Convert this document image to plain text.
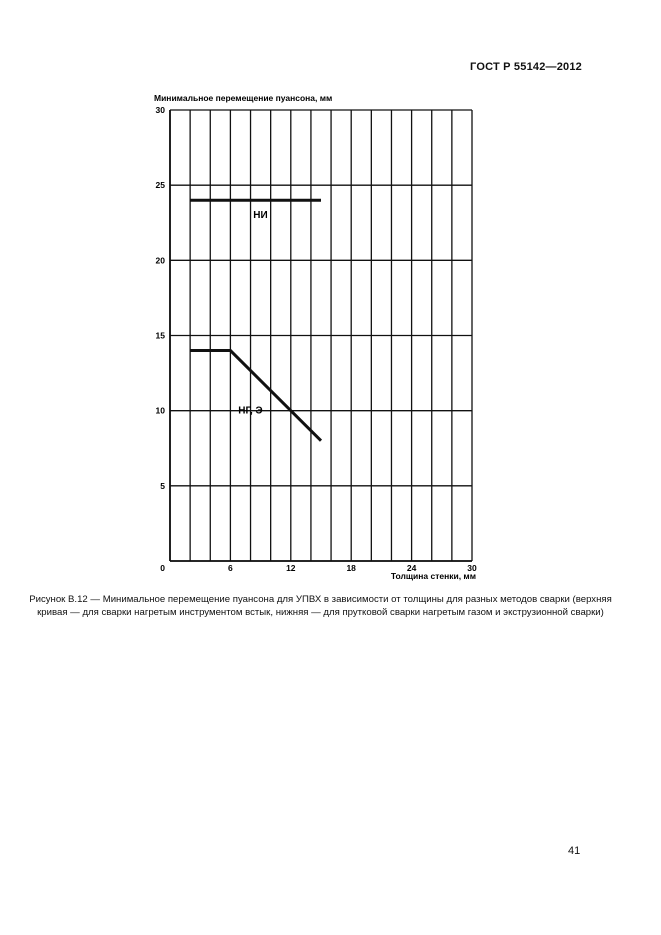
ГОСТ Р 55142—2012
5
10
15
20
25
30
0	6	12	18	24	30
НИ
НГ, Э
Минимальное перемещение пуансона, мм
Толщина стенки, мм
Рисунок В.12 — Минимальное перемещение пуансона для УПВХ в зависимости от толщины для разных методов сварки (верхняя кривая — для сварки нагретым инструментом встык, нижняя — для прутковой сварки нагретым газом и экструзионной сварки)
41
